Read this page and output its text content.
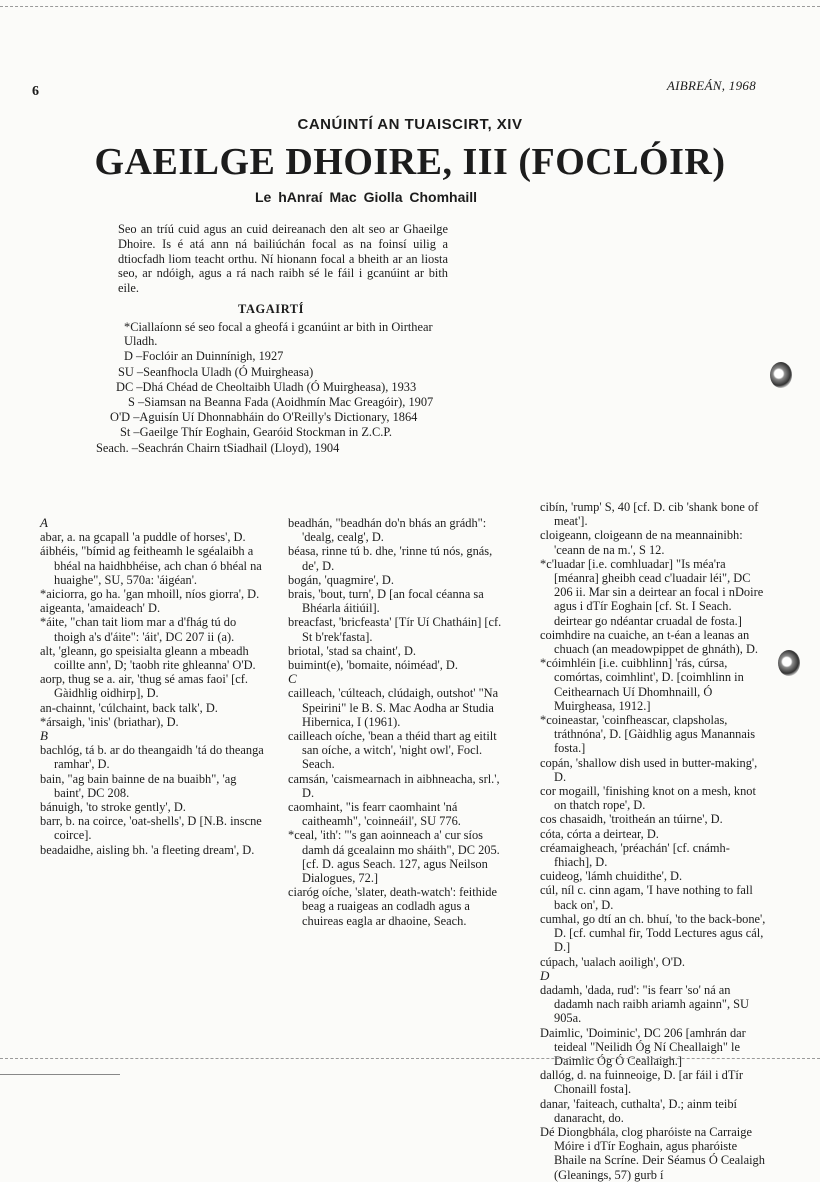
6	AIBREÁN, 1968
CANÚINTÍ AN TUAISCIRT, XIV
GAEILGE DHOIRE, III (FOCLÓIR)
Le hAnraí Mac Giolla Chomhaill
Seo an tríú cuid agus an cuid deireanach den alt seo ar Ghaeilge Dhoire. Is é atá ann ná bailiúchán focal as na foinsí uilig a dtiocfadh liom teacht orthu. Ní hionann focal a bheith ar an liosta seo, ar ndóigh, agus a rá nach raibh sé le fáil i gcanúint ar bith eile.
TAGAIRTÍ
*Ciallaíonn sé seo focal a gheofá i gcanúint ar bith in Oirthear Uladh.
D – Foclóir an Duinnínigh, 1927
SU – Seanfhocla Uladh (Ó Muirgheasa)
DC – Dhá Chéad de Cheoltaibh Uladh (Ó Muirgheasa), 1933
S – Siamsan na Beanna Fada (Aoidhmín Mac Greagóir), 1907
O'D – Aguisín Uí Dhonnabháin do O'Reilly's Dictionary, 1864
St – Gaeilge Thír Eoghain, Gearóid Stockman in Z.C.P.
Seach. – Seachrán Chairn tSiadhail (Lloyd), 1904

A

abar, a. na gcapall 'a puddle of horses', D.

áibhéis, "bímid ag feitheamh le sgéalaibh a bhéal na haidhbhéise, ach chan ó bhéal na huaighe", SU, 570a: 'áigéan'.

*aiciorra, go ha. 'gan mhoill, níos giorra', D.

aigeanta, 'amaideach' D.

*áite, "chan tait liom mar a d'fhág tú do thoigh a's d'áite": 'áit', DC 207 ii (a).

alt, 'gleann, go speisialta gleann a mbeadh coillte ann', D; 'taobh rite ghleanna' O'D.

aorp, thug se a. air, 'thug sé amas faoi' [cf. Gàidhlig oidhirp], D.

an-chainnt, 'cúlchaint, back talk', D.

*ársaigh, 'inis' (briathar), D.

B

bachlóg, tá b. ar do theangaidh 'tá do theanga ramhar', D.

bain, "ag bain bainne de na buaibh", 'ag baint', DC 208.

bánuigh, 'to stroke gently', D.

barr, b. na coirce, 'oat-shells', D [N.B. inscne coirce].

beadaidhe, aisling bh. 'a fleeting dream', D.

beadhán, "beadhán do'n bhás an grádh": 'dealg, cealg', D.

béasa, rinne tú b. dhe, 'rinne tú nós, gnás, de', D.

bogán, 'quagmire', D.

brais, 'bout, turn', D [an focal céanna sa Bhéarla áitiúil].

breacfast, 'bricfeasta' [Tír Uí Chatháin] [cf. St b'rek'fasta].

briotal, 'stad sa chaint', D.

buimint(e), 'bomaite, nóiméad', D.

C

cailleach, 'cúlteach, clúdaigh, outshot' "Na Speirini" le B. S. Mac Aodha ar Studia Hibernica, I (1961).

cailleach oíche, 'bean a théid thart ag eitilt san oíche, a witch', 'night owl', Focl. Seach.

camsán, 'caismearnach in aibhneacha, srl.', D.

caomhaint, "is fearr caomhaint 'ná caitheamh", 'coinneáil', SU 776.

*ceal, 'ith': "'s gan aoinneach a' cur síos damh dá gcealainn mo sháith", DC 205. [cf. D. agus Seach. 127, agus Neilson Dialogues, 72.]

ciaróg oíche, 'slater, death-watch': feithide beag a ruaigeas an codladh agus a chuireas eagla ar dhaoine, Seach.

cibín, 'rump' S, 40 [cf. D. cib 'shank bone of meat'].

cloigeann, cloigeann de na meannainibh: 'ceann de na m.', S 12.

*c'luadar [i.e. comhluadar] "Is méa'ra [méanra] gheibh cead c'luadair léi", DC 206 ii. Mar sin a deirtear an focal i nDoire agus i dTír Eoghain [cf. St. I Seach. deirtear go ndéantar cruadal de fosta.]

coimhdire na cuaiche, an t-éan a leanas an chuach (an meadowpippet de ghnáth), D.

*cóimhléin [i.e. cuibhlinn] 'rás, cúrsa, comórtas, coimhlint', D. [coimhlinn in Ceithearnach Uí Dhomhnaill, Ó Muirgheasa, 1912.]

*coineastar, 'coinfheascar, clapsholas, tráthnóna', D. [Gàidhlig agus Manannais fosta.]

copán, 'shallow dish used in butter-making', D.

cor mogaill, 'finishing knot on a mesh, knot on thatch rope', D.

cos chasaidh, 'troitheán an túirne', D.

cóta, córta a deirtear, D.

créamaigheach, 'préachán' [cf. cnámh-fhiach], D.

cuideog, 'lámh chuidithe', D.

cúl, níl c. cinn agam, 'I have nothing to fall back on', D.

cumhal, go dtí an ch. bhuí, 'to the back-bone', D. [cf. cumhal fir, Todd Lectures agus cál, D.]

cúpach, 'ualach aoiligh', O'D.

D

dadamh, 'dada, rud': "is fearr 'so' ná an dadamh nach raibh ariamh againn", SU 905a.

Daimlic, 'Doiminic', DC 206 [amhrán dar teideal "Neilidh Óg Ní Cheallaigh" le Daimlic Óg Ó Ceallaigh.]

dallóg, d. na fuinneoige, D. [ar fáil i dTír Chonaill fosta].

danar, 'faiteach, cuthalta', D.; ainm teibí danaracht, do.

Dé Diongbhála, clog pharóiste na Carraige Móire i dTír Eoghain, agus pharóiste Bhaile na Scríne. Deir Séamus Ó Cealaigh (Gleanings, 57) gurb í
